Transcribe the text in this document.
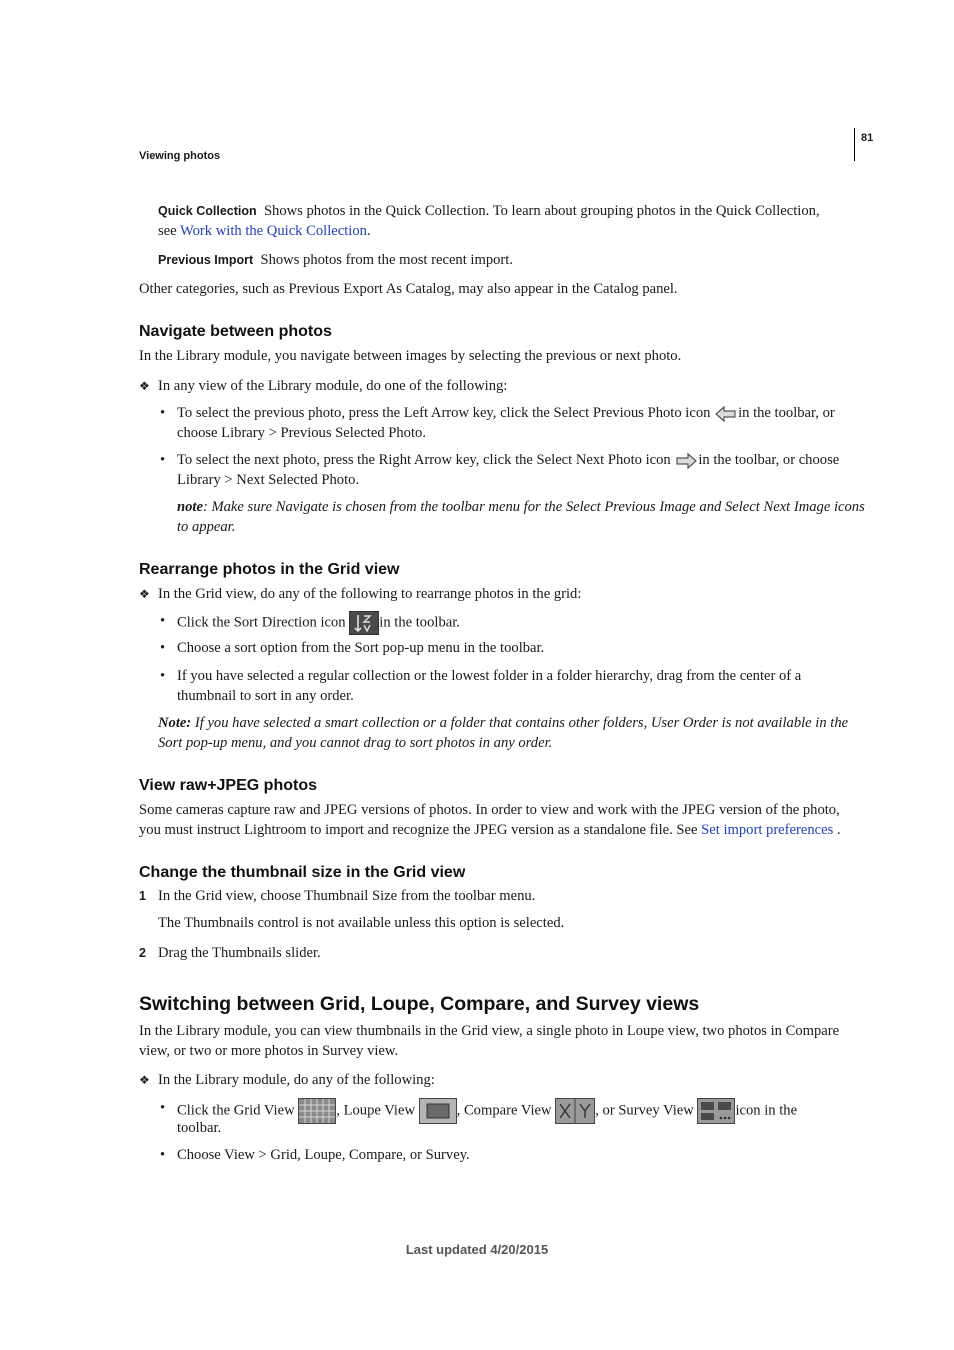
81
Viewing photos

Quick Collection Shows photos in the Quick Collection. To learn about grouping photos in the Quick Collection,

see Work with the Quick Collection.

Previous Import Shows photos from the most recent import.

Other categories, such as Previous Export As Catalog, may also appear in the Catalog panel.

Navigate between photos

In the Library module, you navigate between images by selecting the previous or next photo.

❖ In any view of the Library module, do one of the following:

• To select the previous photo, press the Left Arrow key, click the Select Previous Photo icon in the toolbar, or

choose Library > Previous Selected Photo.

• To select the next photo, press the Right Arrow key, click the Select Next Photo icon in the toolbar, or choose

Library > Next Selected Photo.

note: Make sure Navigate is chosen from the toolbar menu for the Select Previous Image and Select Next Image icons

to appear.

Rearrange photos in the Grid view
❖ In the Grid view, do any of the following to rearrange photos in the grid:

• Click the Sort Direction icon in the toolbar.

• Choose a sort option from the Sort pop-up menu in the toolbar.

• If you have selected a regular collection or the lowest folder in a folder hierarchy, drag from the center of a

thumbnail to sort in any order.

Note: If you have selected a smart collection or a folder that contains other folders, User Order is not available in the

Sort pop-up menu, and you cannot drag to sort photos in any order.

View raw+JPEG photos

Some cameras capture raw and JPEG versions of photos. In order to view and work with the JPEG version of the photo,

you must instruct Lightroom to import and recognize the JPEG version as a standalone file. See Set import preferences .

Change the thumbnail size in the Grid view
1 In the Grid view, choose Thumbnail Size from the toolbar menu.

The Thumbnails control is not available unless this option is selected.

2 Drag the Thumbnails slider.

Switching between Grid, Loupe, Compare, and Survey views

In the Library module, you can view thumbnails in the Grid view, a single photo in Loupe view, two photos in Compare

view, or two or more photos in Survey view.

❖ In the Library module, do any of the following:

• Click the Grid View	, Loupe View	, Compare View	, or Survey View	icon in the

toolbar.

• Choose View > Grid, Loupe, Compare, or Survey.

Last updated 4/20/2015
